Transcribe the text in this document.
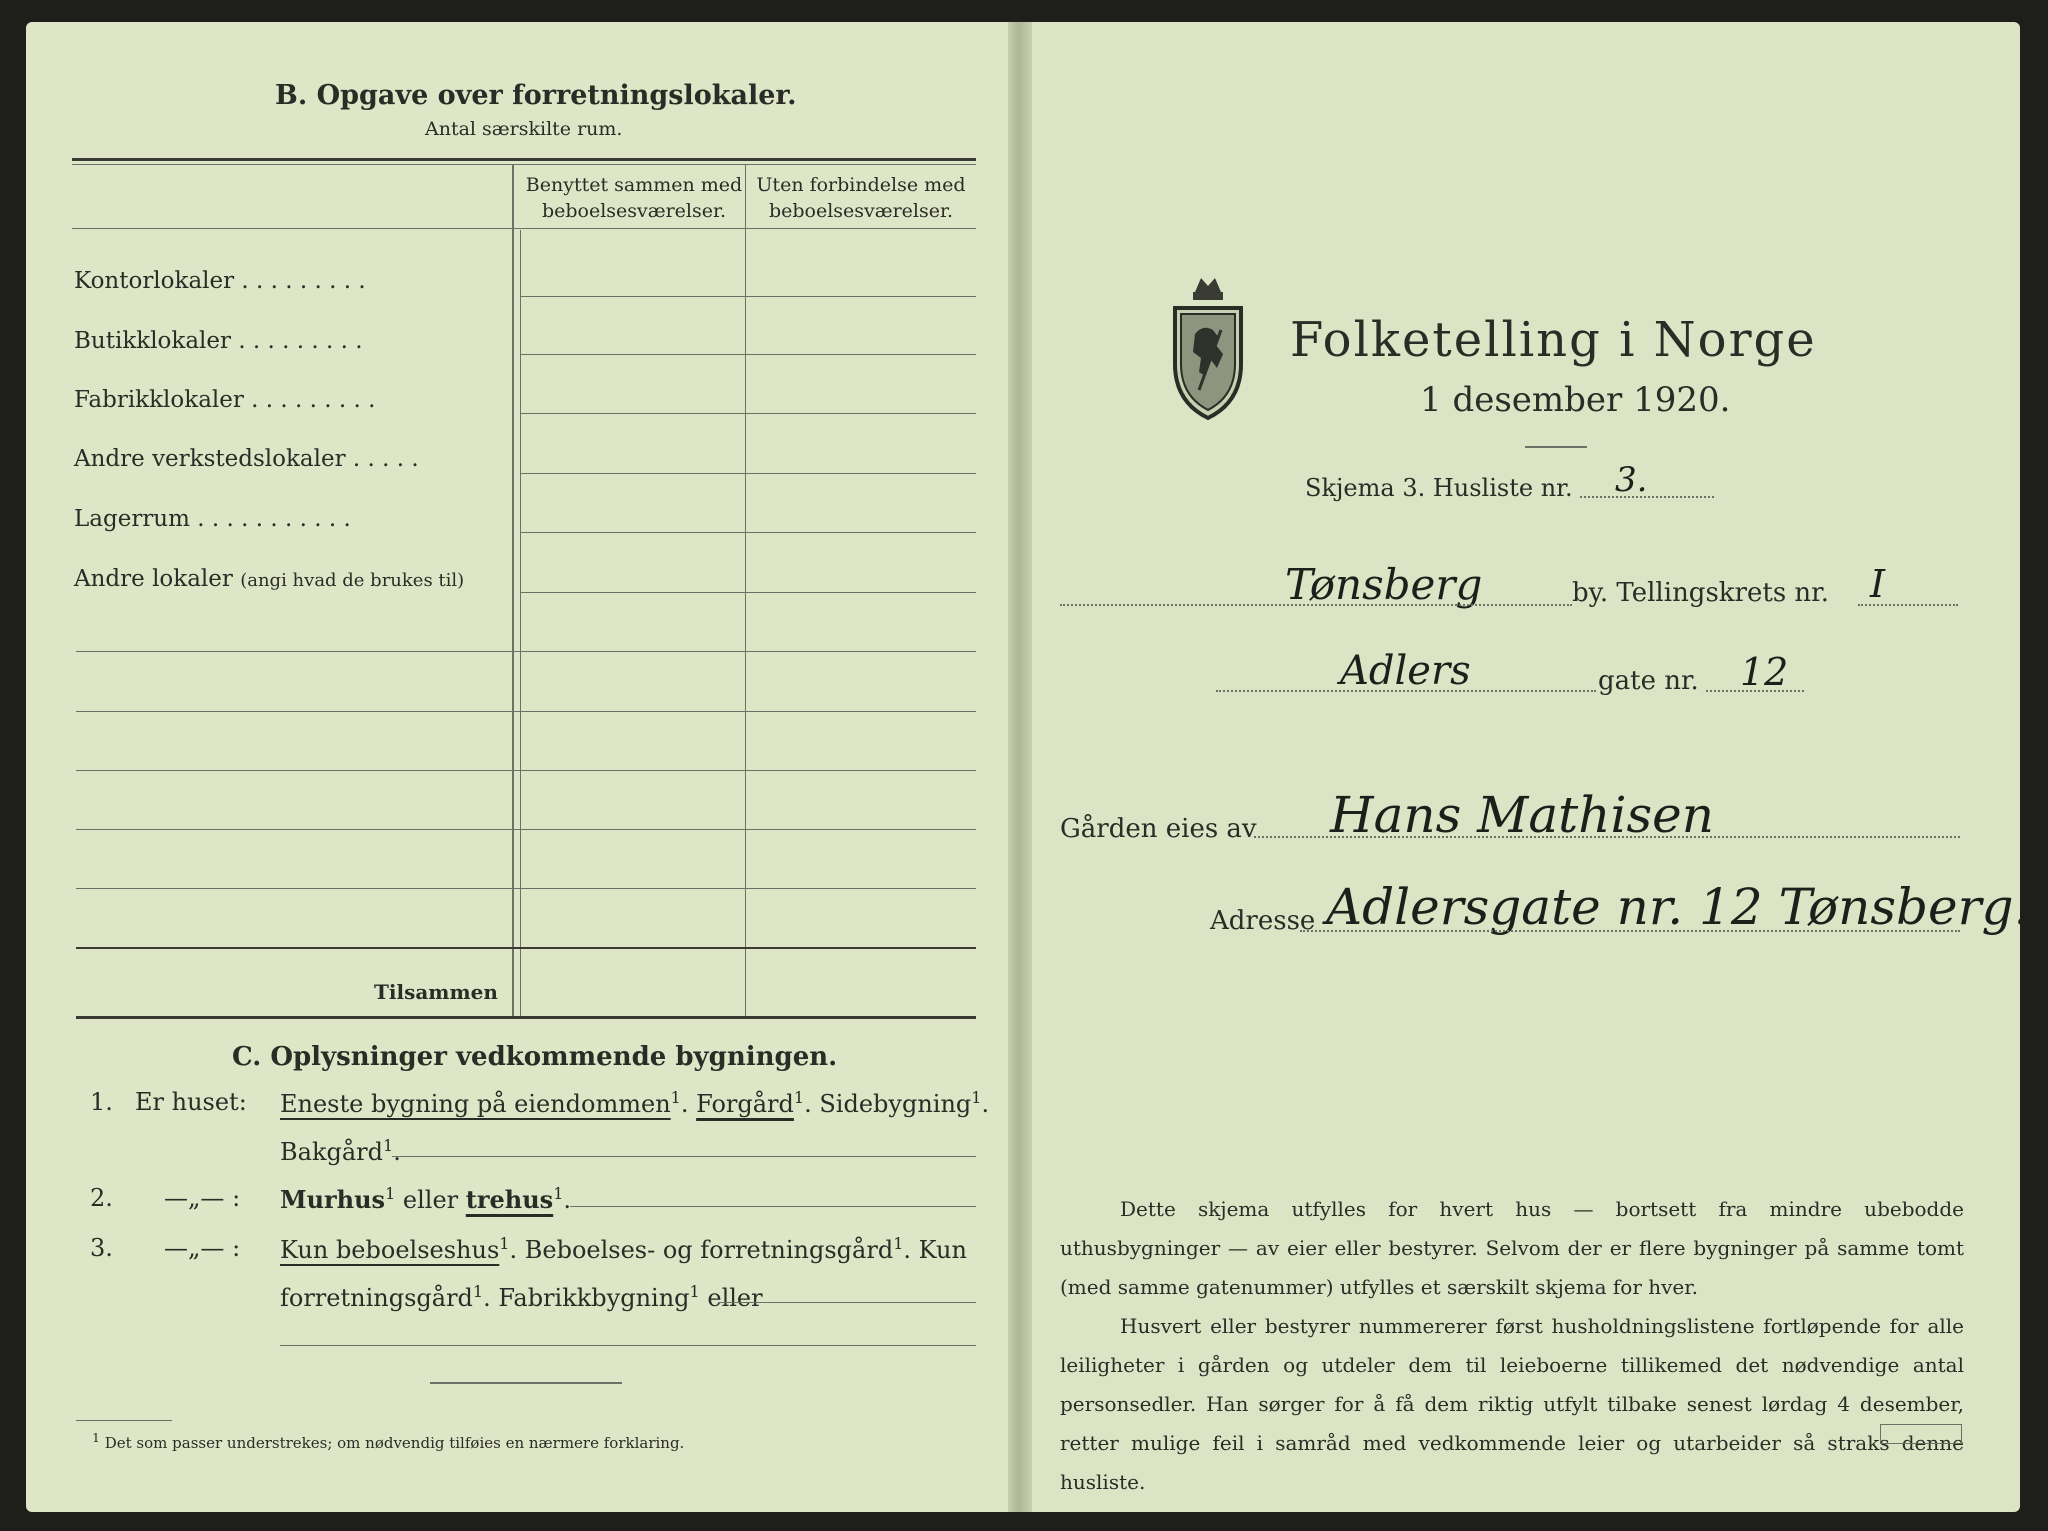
B. Opgave over forretningslokaler.
Antal særskilte rum.
Benyttet sammen med
beboelsesværelser.
Uten forbindelse med
beboelsesværelser.
Kontorlokaler . . . . . . . . .
Butikklokaler . . . . . . . . .
Fabrikklokaler . . . . . . . . .
Andre verkstedslokaler . . . . .
Lagerrum . . . . . . . . . . .
Andre lokaler (angi hvad de brukes til)
Tilsammen
C. Oplysninger vedkommende bygningen.
1. Er huset: Eneste bygning på eiendommen$^1$. Forgård$^1$. Sidebygning$^1$.
Bakgård$^1$.
2. —„— : Murhus$^1$ eller trehus$^1$.
3. —„— : Kun beboelseshus$^1$. Beboelses- og forretningsgård$^1$. Kun
forretningsgård$^1$. Fabrikkbygning$^1$ eller
$^1$ Det som passer understrekes; om nødvendig tilføies en nærmere forklaring.
Folketelling i Norge
1 desember 1920.
Skjema 3. Husliste nr. 3.
Tønsberg	by. Tellingskrets nr. I
Adlers	gate nr. 12
Gården eies av Hans Mathisen
Adresse Adlersgate nr. 12 Tønsberg.

Dette skjema utfylles for hvert hus — bortsett fra mindre ubebodde uthusbygninger — av eier eller bestyrer. Selvom der er flere bygninger på samme tomt (med samme gatenummer) utfylles et særskilt skjema for hver.

Husvert eller bestyrer nummererer først husholdningslistene fortløpende for alle leiligheter i gården og utdeler dem til leieboerne tillikemed det nødvendige antal personsedler. Han sørger for å få dem riktig utfylt tilbake senest lørdag 4 desember, retter mulige feil i samråd med vedkommende leier og utarbeider så straks denne husliste.
